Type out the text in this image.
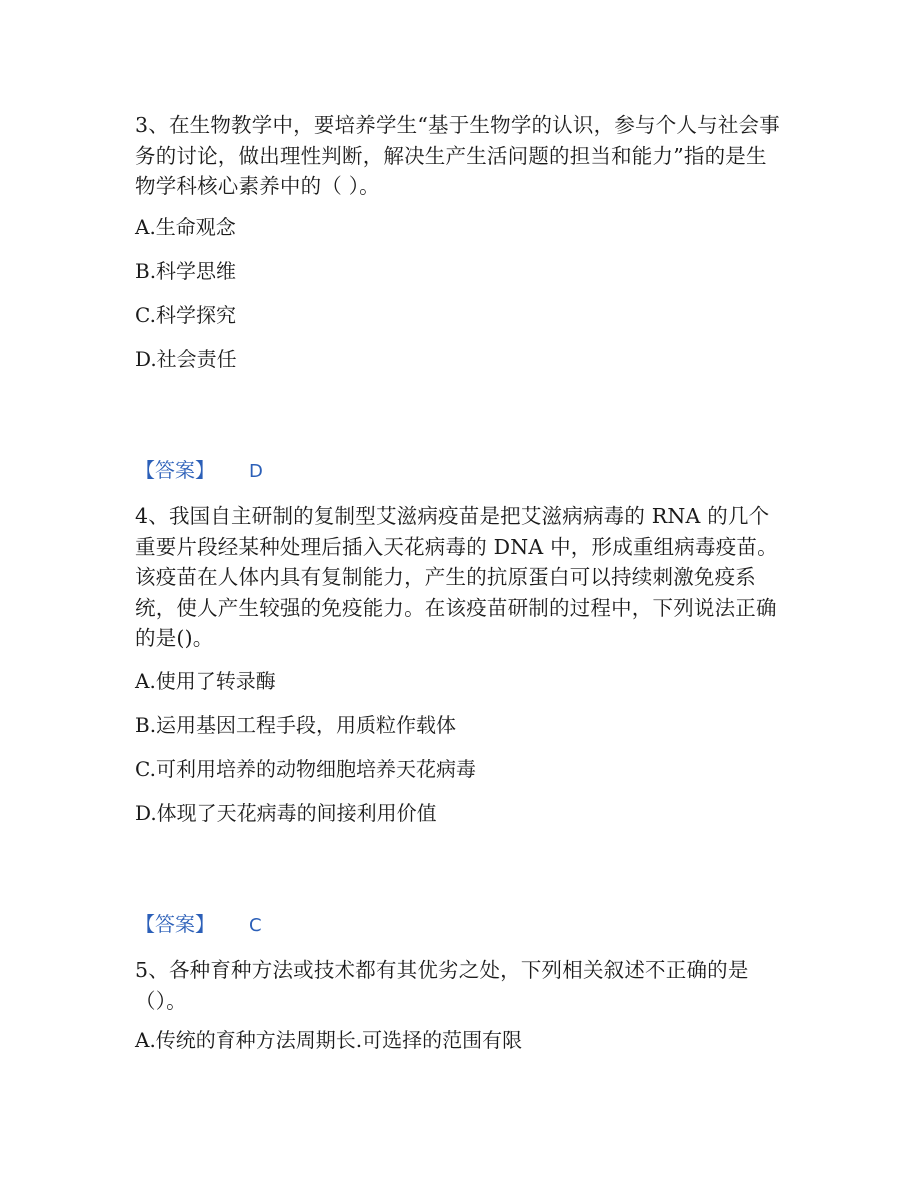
3、在生物教学中，要培养学生“基于生物学的认识，参与个人与社会事务的讨论，做出理性判断，解决生产生活问题的担当和能力”指的是生物学科核心素养中的（ ）。

A.生命观念

B.科学思维

C.科学探究

D.社会责任

【答案】 D

4、我国自主研制的复制型艾滋病疫苗是把艾滋病病毒的 RNA 的几个重要片段经某种处理后插入天花病毒的 DNA 中，形成重组病毒疫苗。该疫苗在人体内具有复制能力，产生的抗原蛋白可以持续刺激免疫系统，使人产生较强的免疫能力。在该疫苗研制的过程中，下列说法正确的是()。

A.使用了转录酶

B.运用基因工程手段，用质粒作载体

C.可利用培养的动物细胞培养天花病毒

D.体现了天花病毒的间接利用价值

【答案】 C

5、各种育种方法或技术都有其优劣之处，下列相关叙述不正确的是（）。

A.传统的育种方法周期长.可选择的范围有限
